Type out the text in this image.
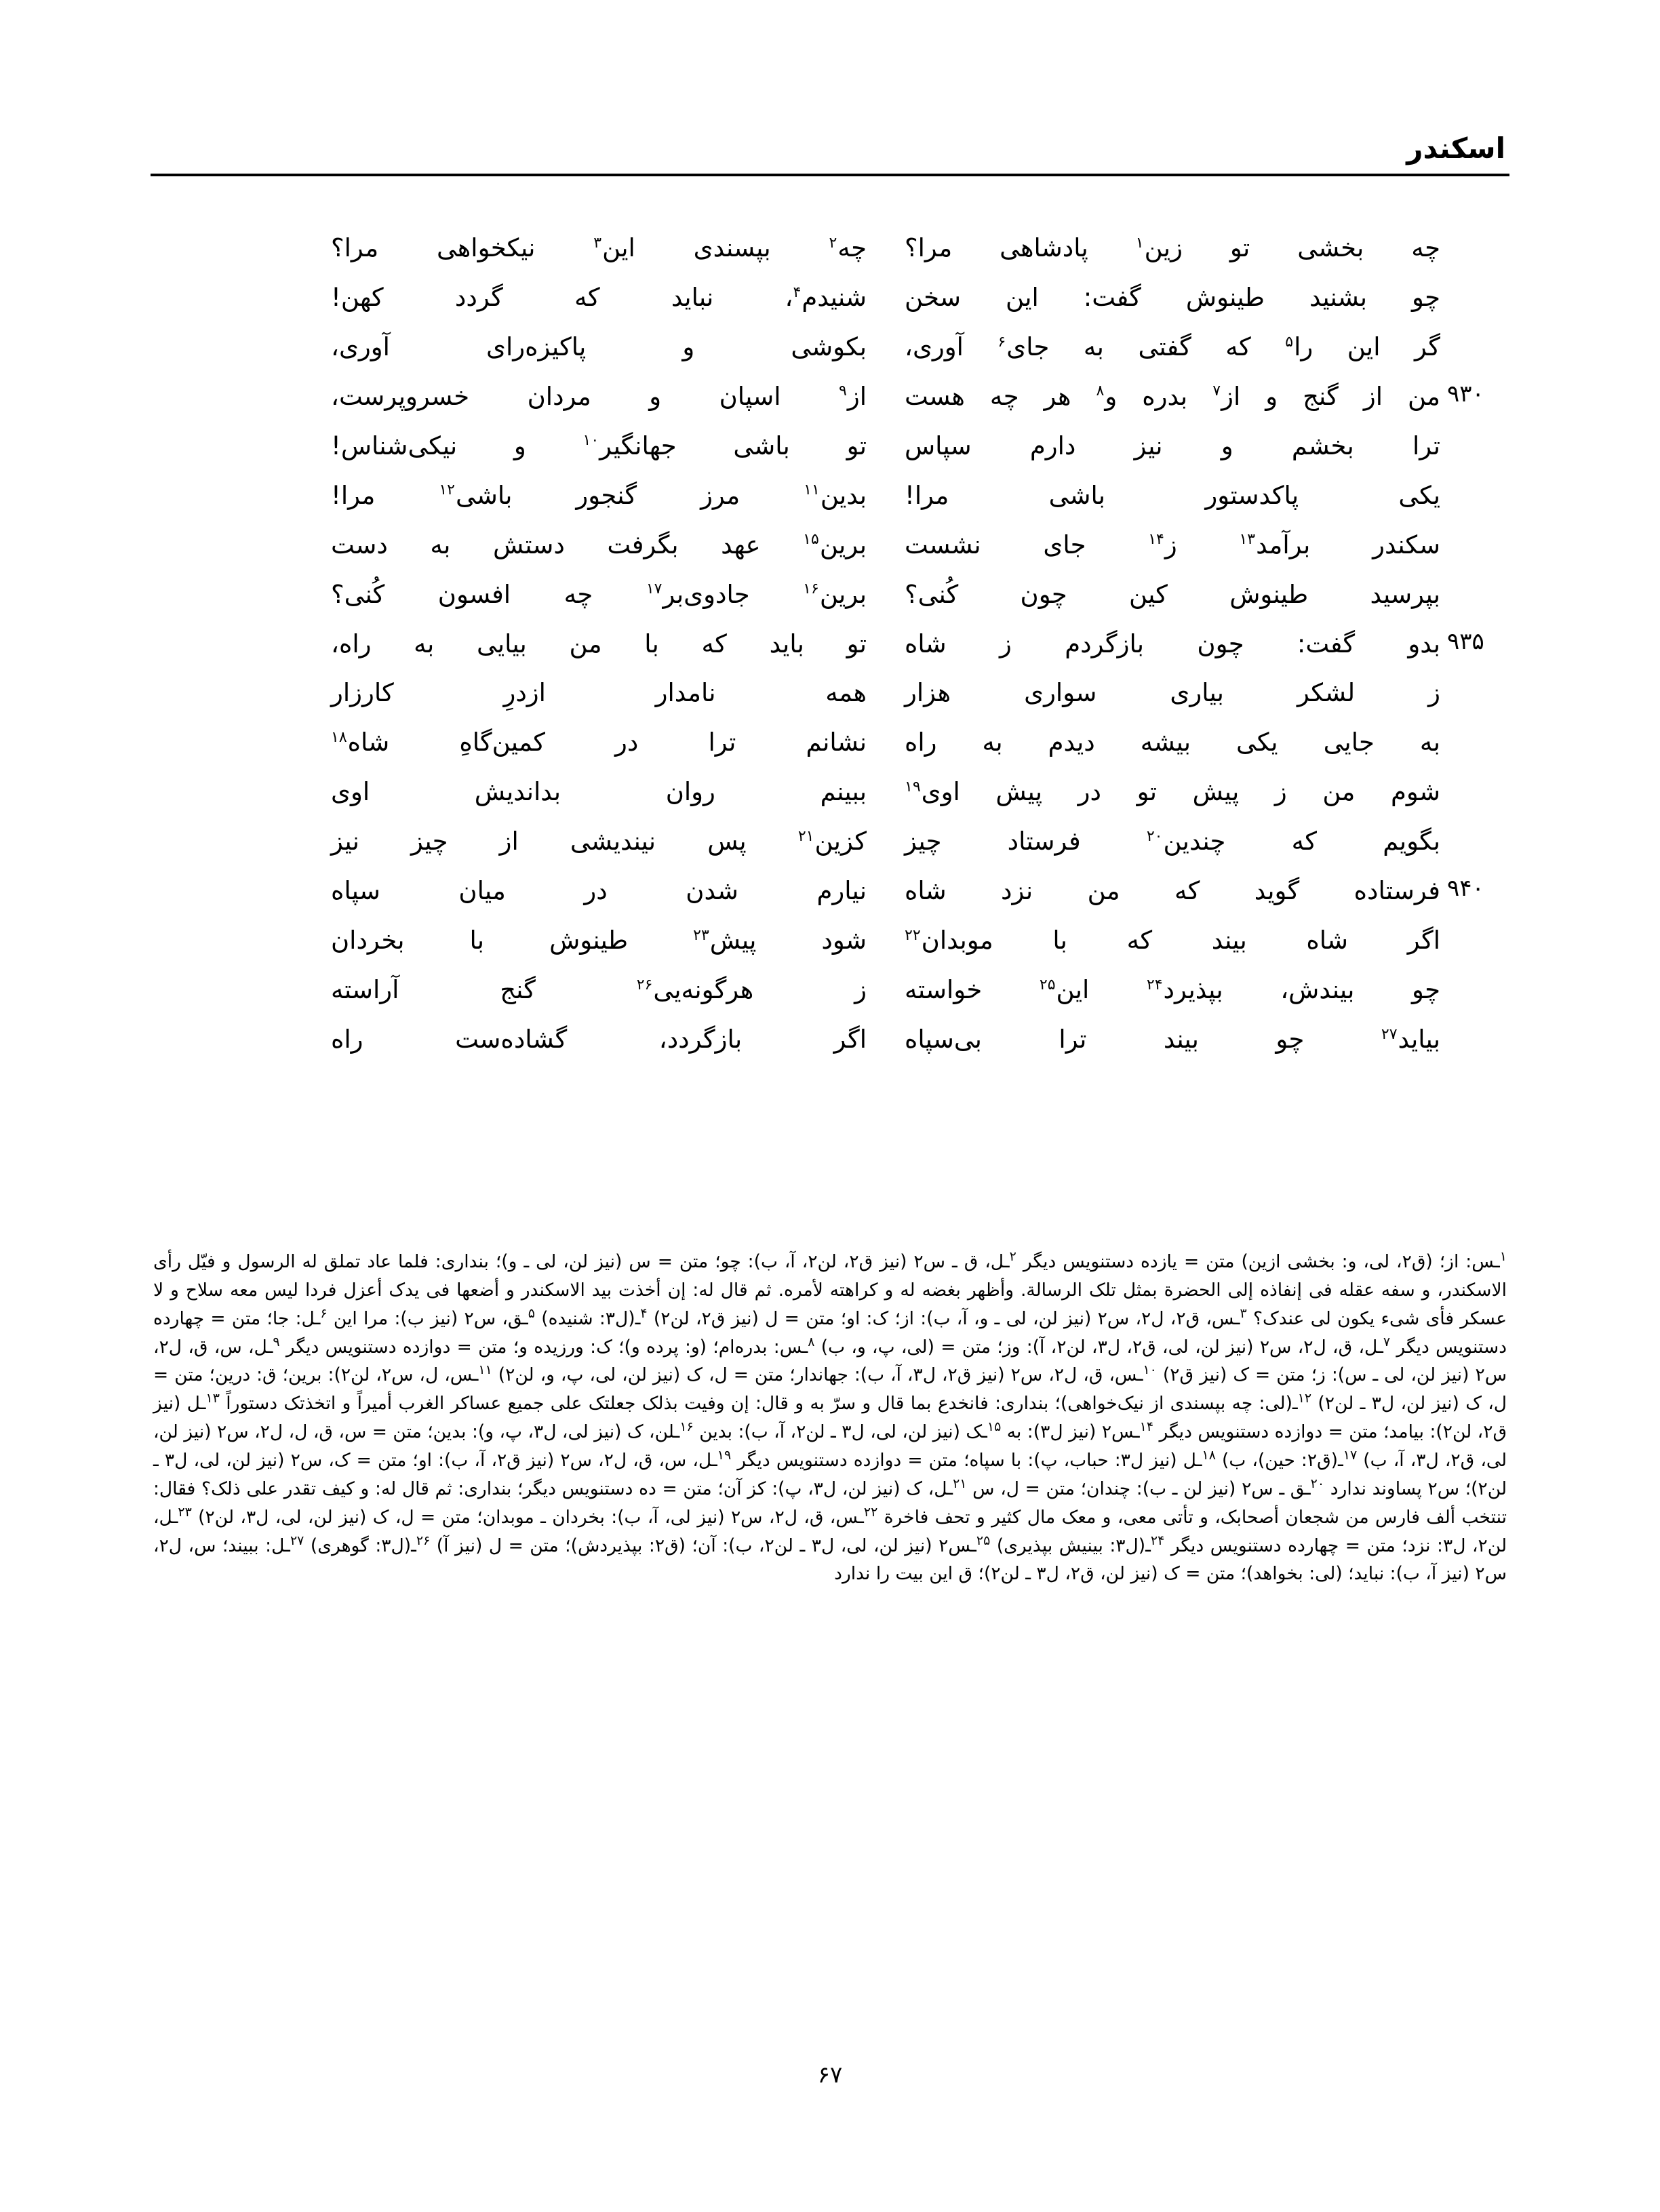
اسکندر
چه بخشی تو زین$^۱$ پادشاهی مرا؟
چه$^۲$ بپسندی این$^۳$ نیکخواهی مرا؟
چو بشنید طینوش گفت: این سخن
شنیدم$^۴$، نباید که گردد کهن!
گر این را$^۵$ که گفتی به جای$^۶$ آوری،
بکوشی و پاکیزه‌رای آوری،
۹۳۰
من از گنج و از$^۷$ بدره و$^۸$ هر چه هست
از$^۹$ اسپان و مردان خسروپرست،
ترا بخشم و نیز دارم سپاس
تو باشی جهانگیر$^{۱۰}$ و نیکی‌شناس!
یکی پاکدستور باشی مرا!
بدین$^{۱۱}$ مرز گنجور باشی$^{۱۲}$ مرا!
سکندر برآمد$^{۱۳}$ ز$^{۱۴}$ جای نشست
برین$^{۱۵}$ عهد بگرفت دستش به دست
بپرسید طینوش کین چون کُنی؟
برین$^{۱۶}$ جادوی‌بر$^{۱۷}$ چه افسون کُنی؟
۹۳۵
بدو گفت: چون بازگردم ز شاه
تو باید که با من بیایی به راه،
ز لشکر بیاری سواری هزار
همه نامدار ازدرِ کارزار
به جایی یکی بیشه دیدم به راه
نشانم ترا در کمین‌گاهِ شاه$^{۱۸}$
شوم من ز پیش تو در پیش اوی$^{۱۹}$
ببینم روان بداندیش اوی
بگویم که چندین$^{۲۰}$ فرستاد چیز
کزین$^{۲۱}$ پس نیندیشی از چیز نیز
۹۴۰
فرستاده گوید که من نزد شاه
نیارم شدن در میان سپاه
اگر شاه بیند که با موبدان$^{۲۲}$
شود پیش$^{۲۳}$ طینوش با بخردان
چو بیندش، بپذیرد$^{۲۴}$ این$^{۲۵}$ خواسته
ز هرگونه‌یی$^{۲۶}$ گنج آراسته
بیاید$^{۲۷}$ چو بیند ترا بی‌سپاه
اگر بازگردد، گشاده‌ست راه

$^۱$ـس: از؛ (ق۲، لی، و: بخشی ازین) متن = یازده دستنویس دیگر $^۲$ـل، ق ـ س۲ (نیز ق۲، لن۲، آ، ب): چو؛ متن = س (نیز لن، لی ـ و)؛ بنداری: فلما عاد تملق له الرسول و فیّل رأی الاسکندر، و سفه عقله فی إنفاذه إلی الحضرة بمثل تلک الرسالة. وأظهر بغضه له و کراهته لأمره. ثم قال له: إن أخذت بید الاسکندر و أضعها فی یدک أعزل فردا لیس معه سلاح و لا عسکر فأی شیء یکون لی عندک؟ $^۳$ـس، ق۲، ل۲، س۲ (نیز لن، لی ـ و، آ، ب): از؛ ک: او؛ متن = ل (نیز ق۲، لن۲) $^۴$ـ(ل۳: شنیده) $^۵$ـق، س۲ (نیز ب): مرا این $^۶$ـل: جا؛ متن = چهارده دستنویس دیگر $^۷$ـل، ق، ل۲، س۲ (نیز لن، لی، ق۲، ل۳، لن۲، آ): وز؛ متن = (لی، پ، و، ب) $^۸$ـس: بدره‌ام؛ (و: پرده و)؛ ک: ورزیده و؛ متن = دوازده دستنویس دیگر $^۹$ـل، س، ق، ل۲، س۲ (نیز لن، لی ـ س): ز؛ متن = ک (نیز ق۲) $^{۱۰}$ـس، ق، ل۲، س۲ (نیز ق۲، ل۳، آ، ب): جهاندار؛ متن = ل، ک (نیز لن، لی، پ، و، لن۲) $^{۱۱}$ـس، ل، س۲، لن۲): برین؛ ق: درین؛ متن = ل، ک (نیز لن، ل۳ ـ لن۲) $^{۱۲}$ـ(لی: چه بپسندی از نیک‌خواهی)؛ بنداری: فانخدع بما قال و سرّ به و قال: إن وفیت بذلک جعلتک علی جمیع عساکر الغرب أمیراً و اتخذتک دستوراً $^{۱۳}$ـل (نیز ق۲، لن۲): بیامد؛ متن = دوازده دستنویس دیگر $^{۱۴}$ـس۲ (نیز ل۳): به $^{۱۵}$ـک (نیز لن، لی، ل۳ ـ لن۲، آ، ب): بدین $^{۱۶}$ـلن، ک (نیز لی، ل۳، پ، و): بدین؛ متن = س، ق، ل، ل۲، س۲ (نیز لن، لی، ق۲، ل۳، آ، ب) $^{۱۷}$ـ(ق۲: حین)، ب) $^{۱۸}$ـل (نیز ل۳: حباب، پ): با سپاه؛ متن = دوازده دستنویس دیگر $^{۱۹}$ـل، س، ق، ل۲، س۲ (نیز ق۲، آ، ب): او؛ متن = ک، س۲ (نیز لن، لی، ل۳ ـ لن۲)؛ س۲ پساوند ندارد $^{۲۰}$ـق ـ س۲ (نیز لن ـ ب): چندان؛ متن = ل، س $^{۲۱}$ـل، ک (نیز لن، ل۳، پ): کز آن؛ متن = ده دستنویس دیگر؛ بنداری: ثم قال له: و کیف تقدر علی ذلک؟ فقال: تنتخب ألف فارس من شجعان أصحابک، و تأتی معی، و معک مال کثیر و تحف فاخرة $^{۲۲}$ـس، ق، ل۲، س۲ (نیز لی، آ، ب): بخردان ـ موبدان؛ متن = ل، ک (نیز لن، لی، ل۳، لن۲) $^{۲۳}$ـل، لن۲، ل۳: نزد؛ متن = چهارده دستنویس دیگر $^{۲۴}$ـ(ل۳: بینیش بپذیری) $^{۲۵}$ـس۲ (نیز لن، لی، ل۳ ـ لن۲، ب): آن؛ (ق۲: بپذیردش)؛ متن = ل (نیز آ) $^{۲۶}$ـ(ل۳: گوهری) $^{۲۷}$ـل: ببیند؛ س، ل۲، س۲ (نیز آ، ب): نباید؛ (لی: بخواهد)؛ متن = ک (نیز لن، ق۲، ل۳ ـ لن۲)؛ ق این بیت را ندارد

۶۷
